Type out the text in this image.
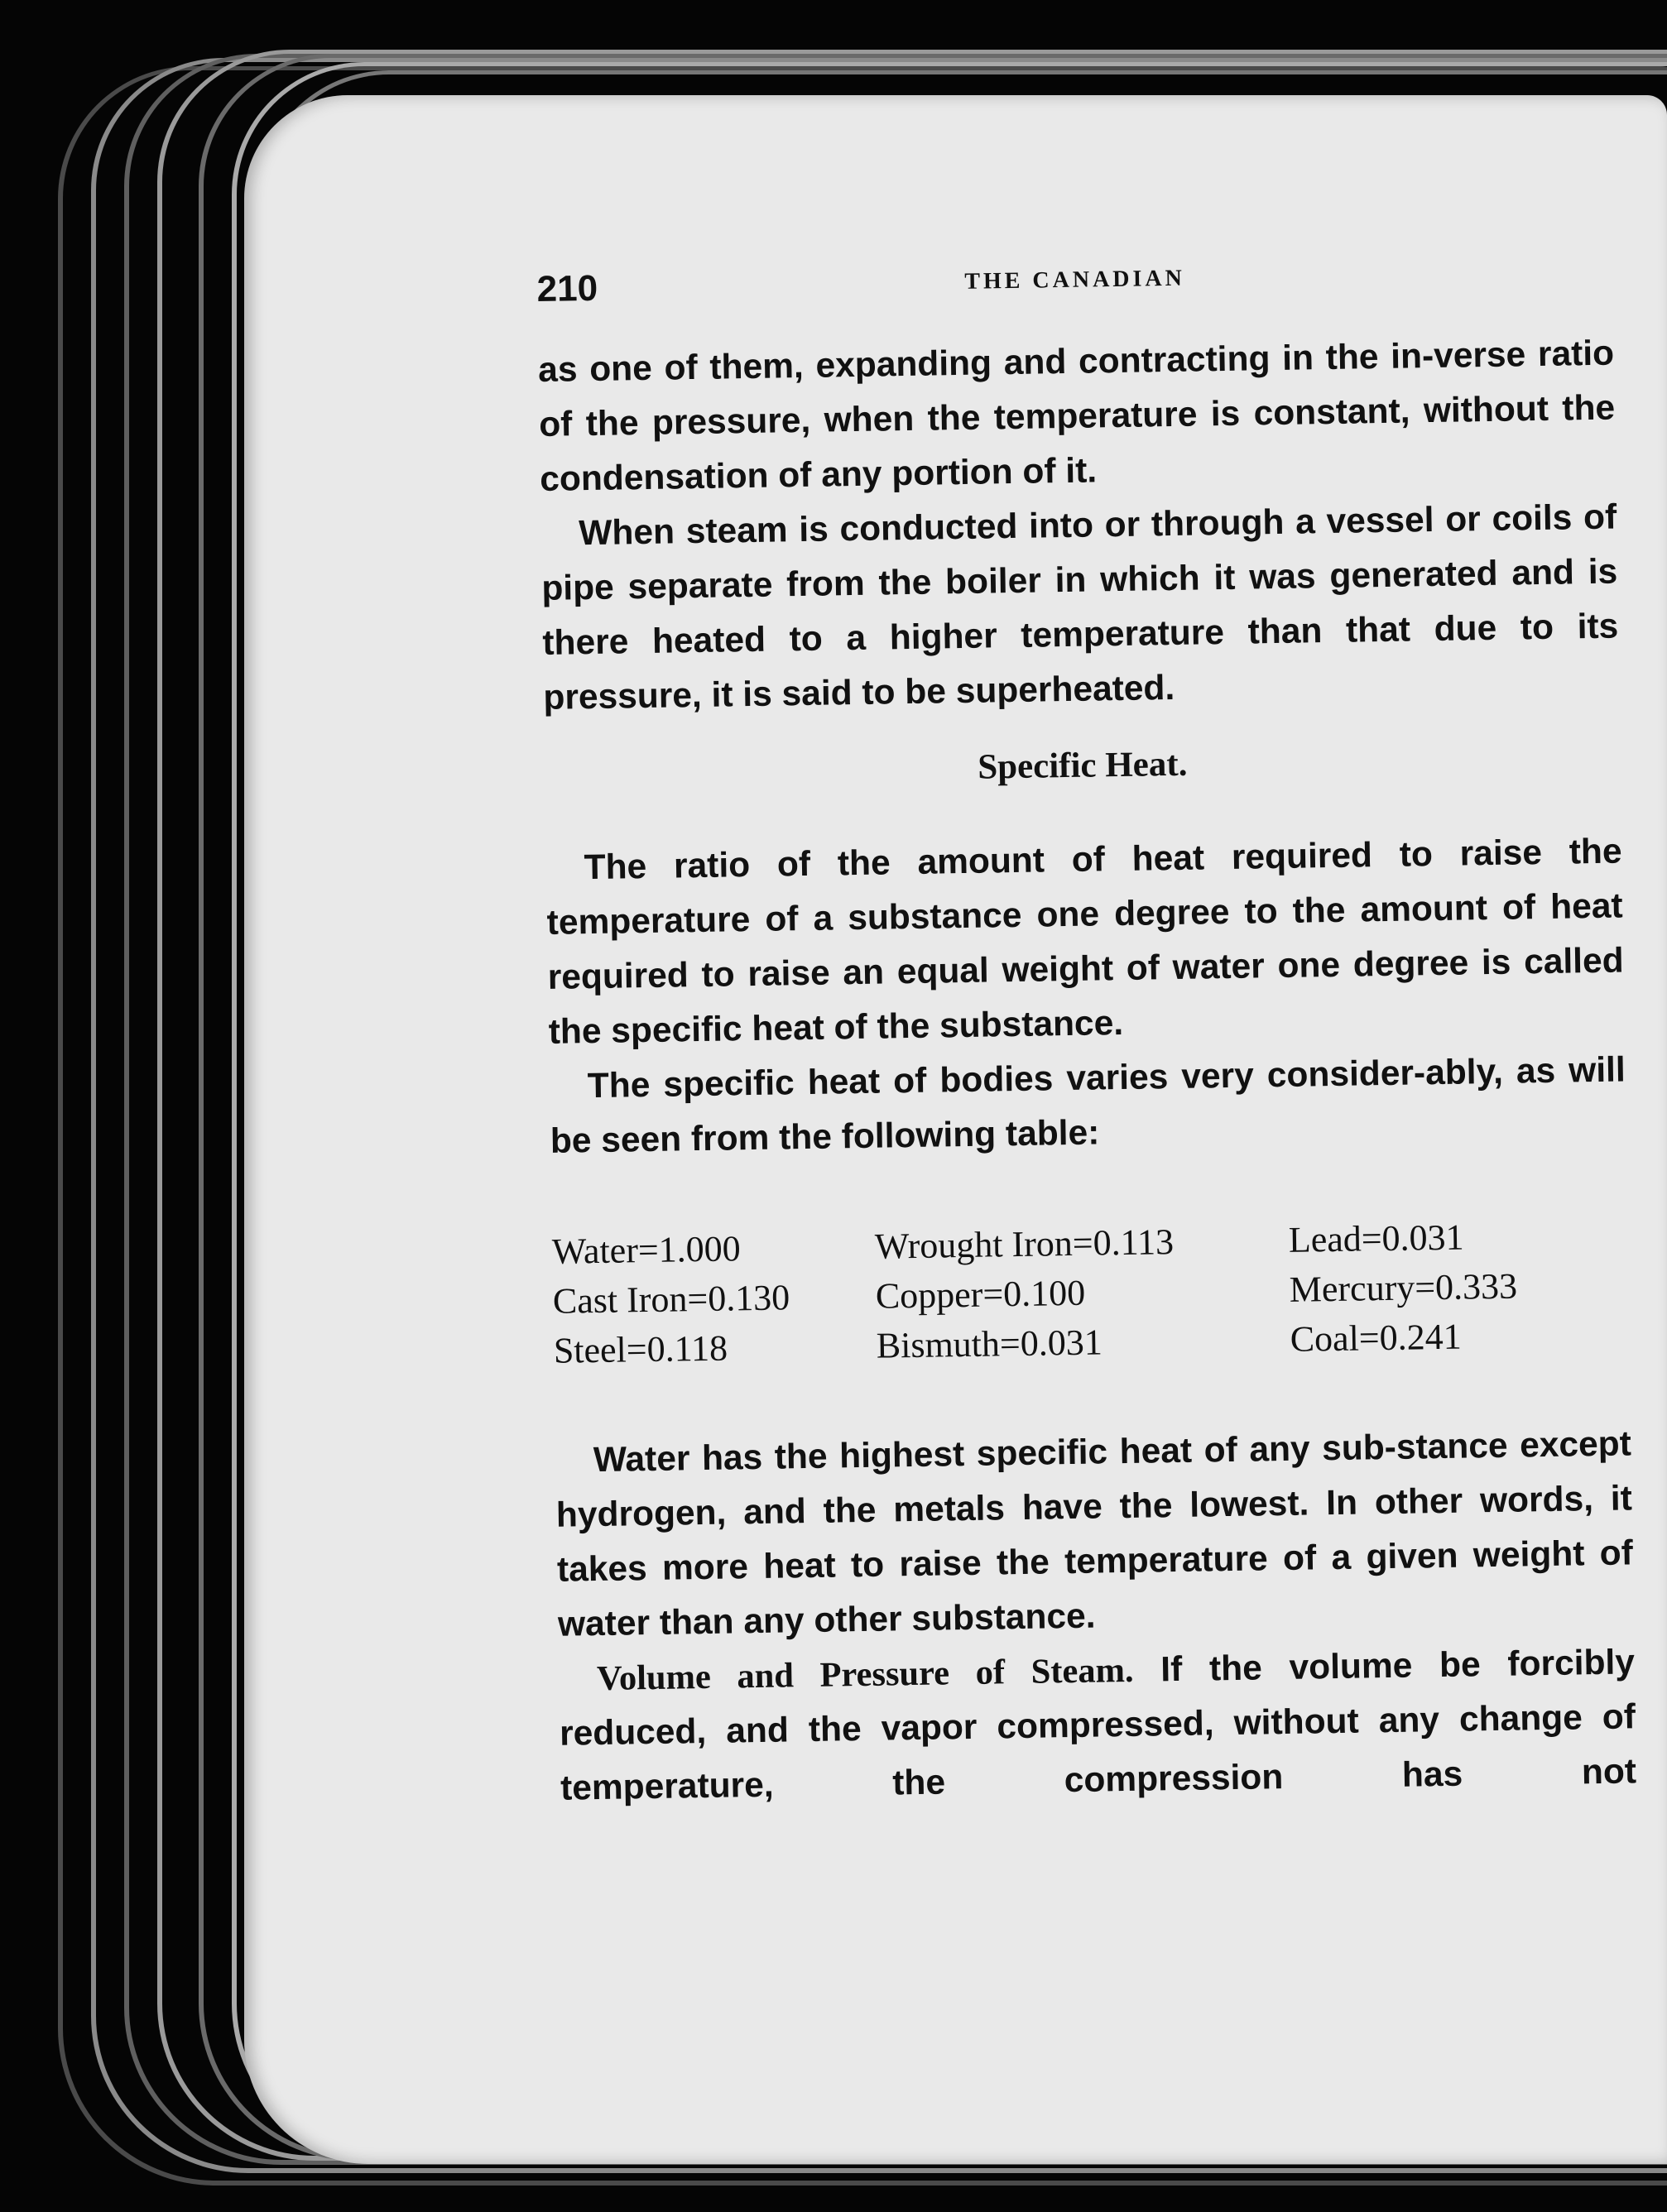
210	THE CANADIAN

as one of them, expanding and contracting in the in-verse ratio of the pressure, when the temperature is constant, without the condensation of any portion of it.

When steam is conducted into or through a vessel or coils of pipe separate from the boiler in which it was generated and is there heated to a higher temperature than that due to its pressure, it is said to be superheated.

Specific Heat.

The ratio of the amount of heat required to raise the temperature of a substance one degree to the amount of heat required to raise an equal weight of water one degree is called the specific heat of the substance.

The specific heat of bodies varies very consider-ably, as will be seen from the following table:

Water=1.000	Wrought Iron=0.113	Lead=0.031
Cast Iron=0.130	Copper=0.100	Mercury=0.333
Steel=0.118	Bismuth=0.031	Coal=0.241

Water has the highest specific heat of any sub-stance except hydrogen, and the metals have the lowest. In other words, it takes more heat to raise the temperature of a given weight of water than any other substance.

Volume and Pressure of Steam. If the volume be forcibly reduced, and the vapor compressed, without any change of temperature, the compression has not
